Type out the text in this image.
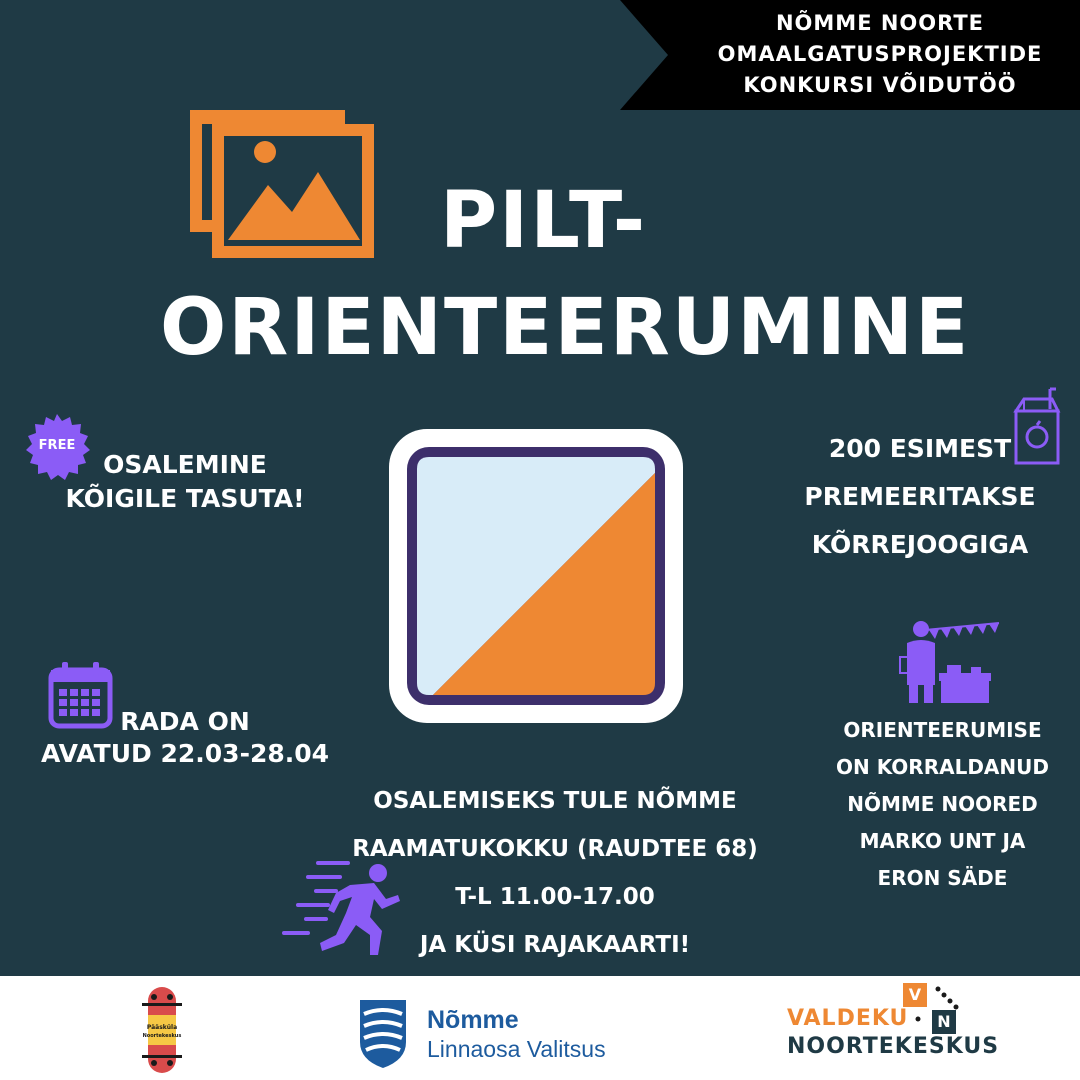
NÕMME NOORTE
OMAALGATUSPROJEKTIDE
KONKURSI VÕIDUTÖÖ
PILT-
ORIENTEERUMINE
FREE
OSALEMINE
KÕIGILE TASUTA!
200 ESIMEST
PREMEERITAKSE
KÕRREJOOGIGA
RADA ON
AVATUD 22.03-28.04
ORIENTEERUMISE
ON KORRALDANUD
NÕMME NOORED
MARKO UNT JA
ERON SÄDE
OSALEMISEKS TULE NÕMME
RAAMATUKOKKU (RAUDTEE 68)
T-L 11.00-17.00
JA KÜSI RAJAKAARTI!
Pääsküla
Noortekeskus
Nõmme
Linnaosa Valitsus
V
N
VALDEKU
NOORTEKESKUS
